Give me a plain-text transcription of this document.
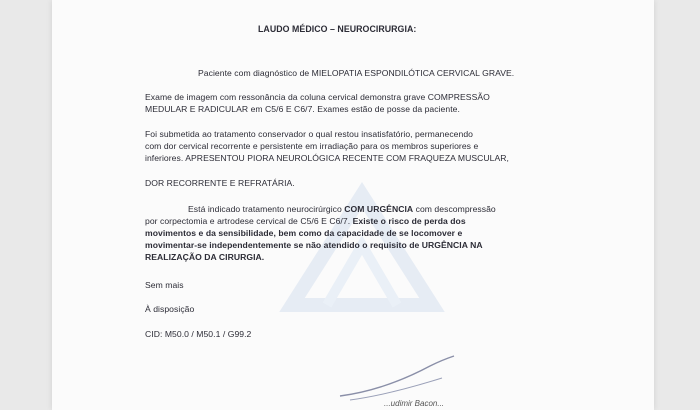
LAUDO MÉDICO – NEUROCIRURGIA:
Paciente com diagnóstico de MIELOPATIA ESPONDILÓTICA CERVICAL GRAVE.
Exame de imagem com ressonância da coluna cervical demonstra grave COMPRESSÃO
MEDULAR E RADICULAR em C5/6 E C6/7. Exames estão de posse da paciente.
Foi submetida ao tratamento conservador o qual restou insatisfatório, permanecendo
com dor cervical recorrente e persistente em irradiação para os membros superiores e
inferiores. APRESENTOU PIORA NEUROLÓGICA RECENTE COM FRAQUEZA MUSCULAR,
DOR RECORRENTE E REFRATÁRIA.
Está indicado tratamento neurocirúrgico COM URGÊNCIA com descompressão
por corpectomia e artrodese cervical de C5/6 E C6/7. Existe o risco de perda dos
movimentos e da sensibilidade, bem como da capacidade de se locomover e
movimentar-se independentemente se não atendido o requisito de URGÊNCIA NA
REALIZAÇÃO DA CIRURGIA.
Sem mais
À disposição
CID: M50.0 / M50.1 / G99.2
...udimir Bacon...
